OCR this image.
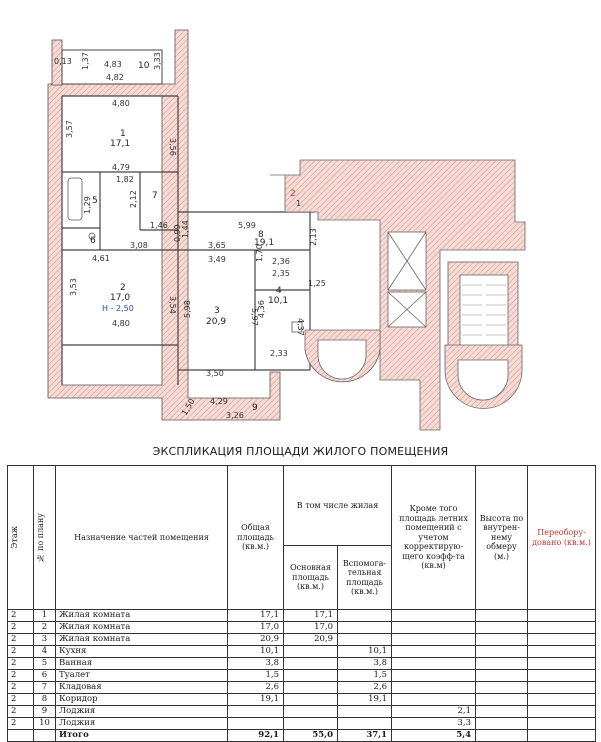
4,83
4,82
4,80
3,57
3,56
4,79
1,82
2,12
1,46	5,99
3,65
3,49
3,08
4,61
3,53
3,54
4,80
5,98	5,97
4,36
4,37
2,36
2,35
2,33
2,13
3,50
4,29
3,26
0,13 1,37	3,33
1,70
1,44
0,99
1,29
1,25
1,50
1
17,1
2
17,0
H - 2,50	3
20,9
4
10,1
5
6
7
8
19,1
9
10
2
1
ЭКСПЛИКАЦИЯ ПЛОЩАДИ ЖИЛОГО ПОМЕЩЕНИЯ
Этаж	№ по плану	Назначение частей помещения	Общая площадь (кв.м.)	В том числе жилая		Кроме того площадь летних помещений с учетом корректирую-щего коэфф-та (кв.м)	Высота по внутрен-нему обмеру (м.)	Переобору-довано (кв.м.)
				Основная площадь (кв.м.)	Вспомога-тельная площадь (кв.м.)			
2	1	Жилая комната	17,1	17,1				
2	2	Жилая комната	17,0	17,0				
2	3	Жилая комната	20,9	20,9				
2	4	Кухня	10,1		10,1			
2	5	Ванная	3,8		3,8			
2	6	Туалет	1,5		1,5			
2	7	Кладовая	2,6		2,6			
2	8	Коридор	19,1		19,1			
2	9	Лоджия				2,1		
2	10	Лоджия				3,3		
		Итого	92,1	55,0	37,1	5,4		
